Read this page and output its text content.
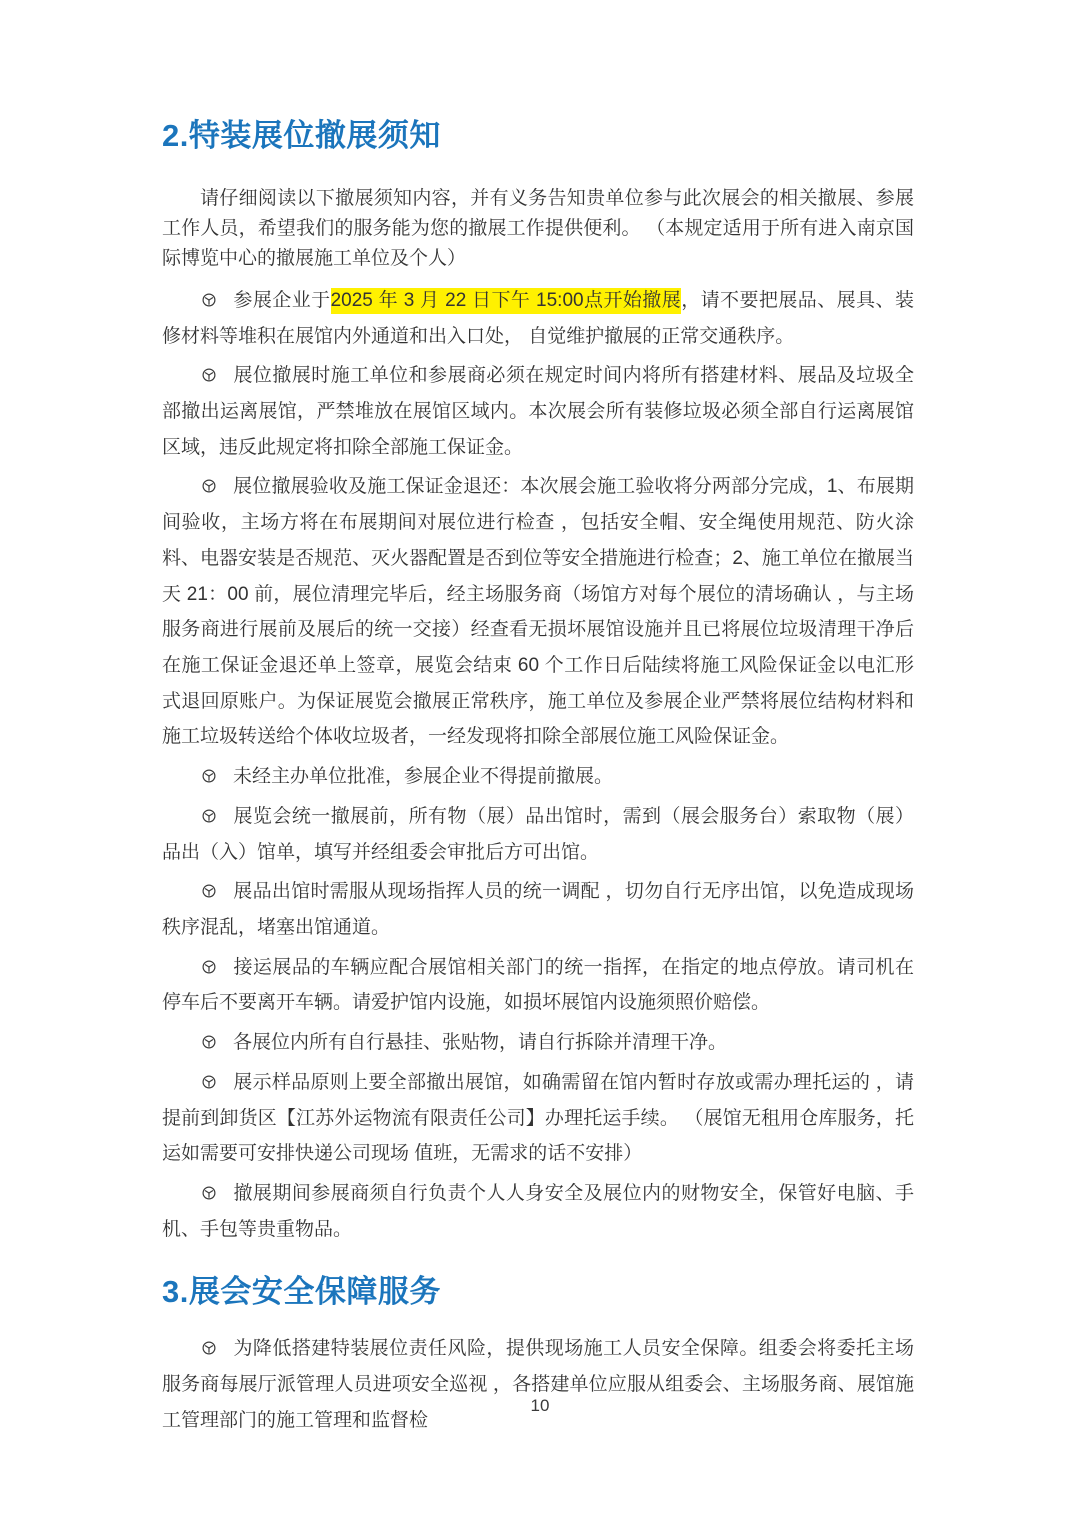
2.特装展位撤展须知

请仔细阅读以下撤展须知内容，并有义务告知贵单位参与此次展会的相关撤展、参展工作人员，希望我们的服务能为您的撤展工作提供便利。 （本规定适用于所有进入南京国际博览中心的撤展施工单位及个人）

参展企业于2025 年 3 月 22 日下午 15:00点开始撤展，请不要把展品、展具、装修材料等堆积在展馆内外通道和出入口处， 自觉维护撤展的正常交通秩序。

展位撤展时施工单位和参展商必须在规定时间内将所有搭建材料、展品及垃圾全部撤出运离展馆，严禁堆放在展馆区域内。本次展会所有装修垃圾必须全部自行运离展馆区域，违反此规定将扣除全部施工保证金。

展位撤展验收及施工保证金退还：本次展会施工验收将分两部分完成，1、布展期间验收，主场方将在布展期间对展位进行检查 ，包括安全帽、安全绳使用规范、防火涂料、电器安装是否规范、灭火器配置是否到位等安全措施进行检查；2、施工单位在撤展当天 21：00 前，展位清理完毕后，经主场服务商（场馆方对每个展位的清场确认 ，与主场服务商进行展前及展后的统一交接）经查看无损坏展馆设施并且已将展位垃圾清理干净后在施工保证金退还单上签章，展览会结束 60 个工作日后陆续将施工风险保证金以电汇形式退回原账户。为保证展览会撤展正常秩序，施工单位及参展企业严禁将展位结构材料和施工垃圾转送给个体收垃圾者，一经发现将扣除全部展位施工风险保证金。

未经主办单位批准，参展企业不得提前撤展。

展览会统一撤展前，所有物（展）品出馆时，需到（展会服务台）索取物（展）品出（入）馆单，填写并经组委会审批后方可出馆。

展品出馆时需服从现场指挥人员的统一调配 ，切勿自行无序出馆，以免造成现场秩序混乱，堵塞出馆通道。

接运展品的车辆应配合展馆相关部门的统一指挥，在指定的地点停放。请司机在停车后不要离开车辆。请爱护馆内设施，如损坏展馆内设施须照价赔偿。

各展位内所有自行悬挂、张贴物，请自行拆除并清理干净。

展示样品原则上要全部撤出展馆，如确需留在馆内暂时存放或需办理托运的 ，请提前到卸货区【江苏外运物流有限责任公司】办理托运手续。 （展馆无租用仓库服务，托运如需要可安排快递公司现场 值班，无需求的话不安排）

撤展期间参展商须自行负责个人人身安全及展位内的财物安全，保管好电脑、手机、手包等贵重物品。

3.展会安全保障服务

为降低搭建特装展位责任风险，提供现场施工人员安全保障。组委会将委托主场服务商每展厅派管理人员进项安全巡视 ，各搭建单位应服从组委会、主场服务商、展馆施工管理部门的施工管理和监督检

10
